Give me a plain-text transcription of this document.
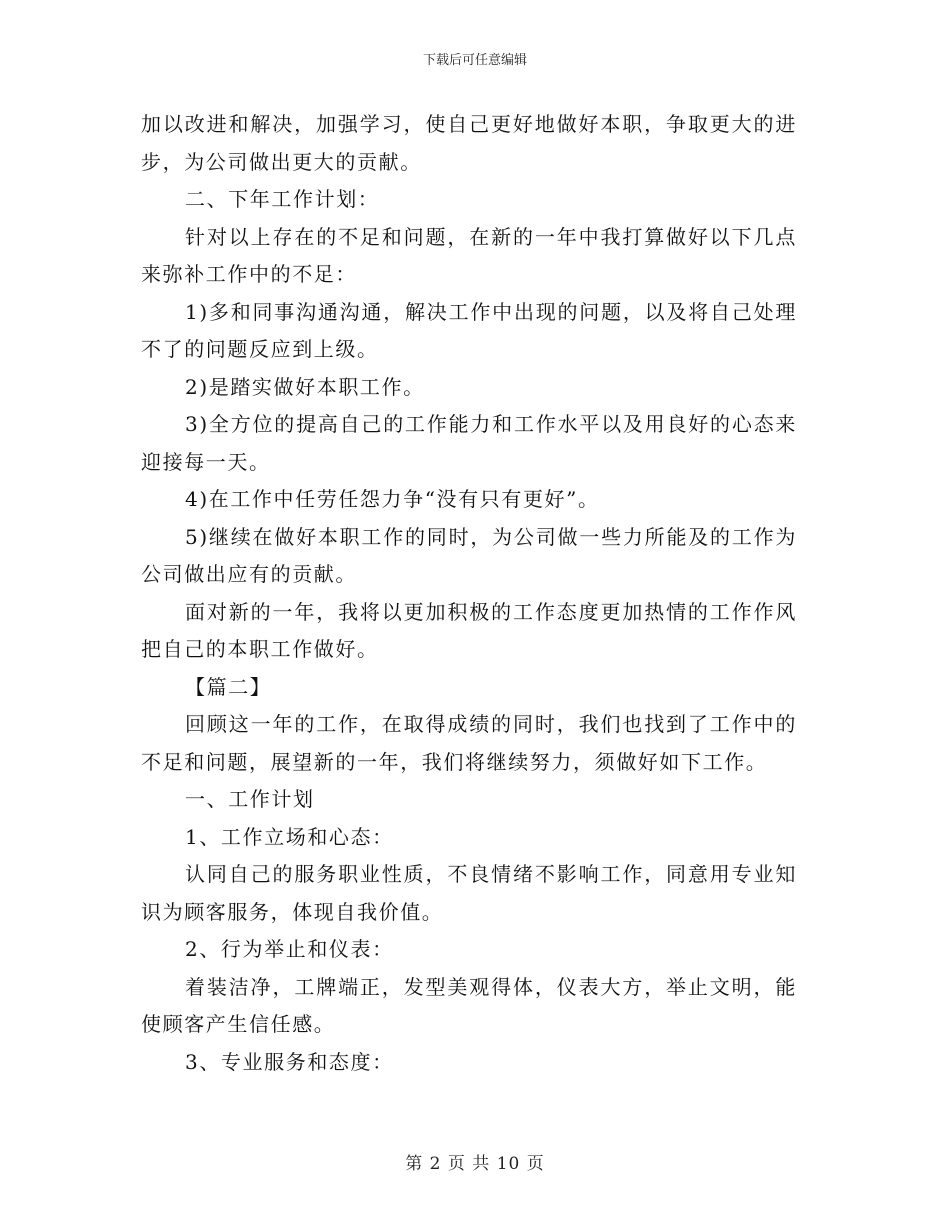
下载后可任意编辑

加以改进和解决，加强学习，使自己更好地做好本职，争取更大的进步，为公司做出更大的贡献。

二、下年工作计划：

针对以上存在的不足和问题，在新的一年中我打算做好以下几点来弥补工作中的不足：

1)多和同事沟通沟通，解决工作中出现的问题，以及将自己处理不了的问题反应到上级。

2)是踏实做好本职工作。

3)全方位的提高自己的工作能力和工作水平以及用良好的心态来迎接每一天。

4)在工作中任劳任怨力争“没有只有更好”。

5)继续在做好本职工作的同时，为公司做一些力所能及的工作为公司做出应有的贡献。

面对新的一年，我将以更加积极的工作态度更加热情的工作作风把自己的本职工作做好。

【篇二】

回顾这一年的工作，在取得成绩的同时，我们也找到了工作中的不足和问题，展望新的一年，我们将继续努力，须做好如下工作。

一、工作计划

1、工作立场和心态：

认同自己的服务职业性质，不良情绪不影响工作，同意用专业知识为顾客服务，体现自我价值。

2、行为举止和仪表：

着装洁净，工牌端正，发型美观得体，仪表大方，举止文明，能使顾客产生信任感。

3、专业服务和态度：

第 2 页 共 10 页
